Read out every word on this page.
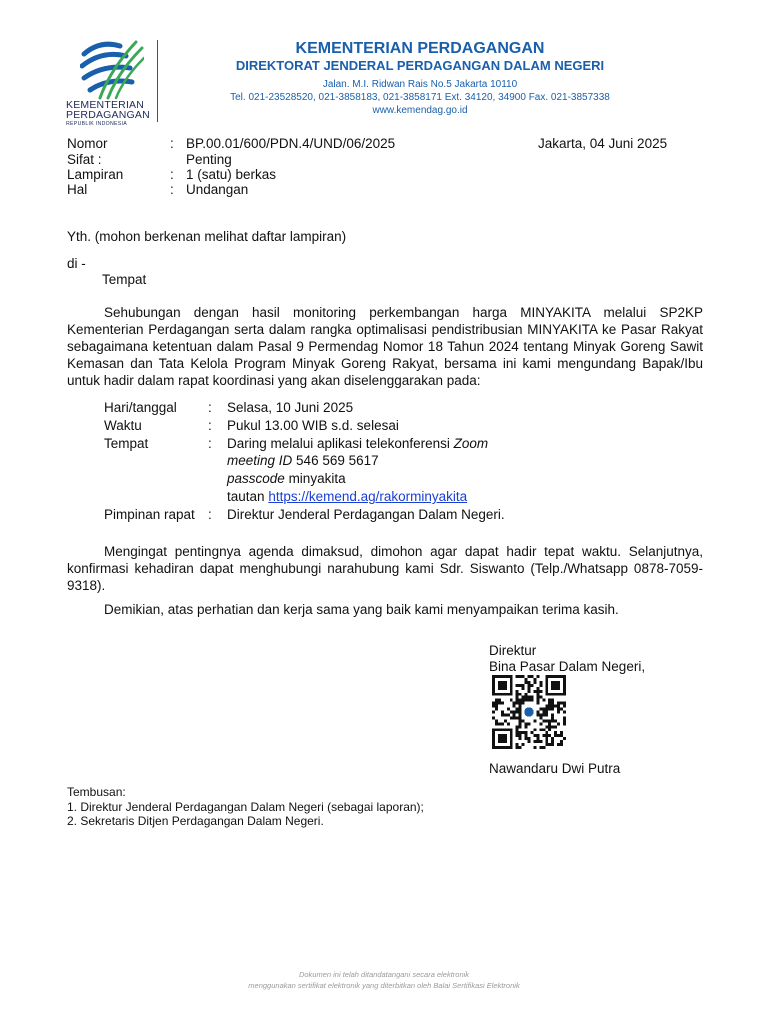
KEMENTERIAN
PERDAGANGAN
REPUBLIK INDONESIA
KEMENTERIAN PERDAGANGAN
DIREKTORAT JENDERAL PERDAGANGAN DALAM NEGERI
Jalan. M.I. Ridwan Rais No.5 Jakarta 10110
Tel. 021-23528520, 021-3858183, 021-3858171 Ext. 34120, 34900 Fax. 021-3857338
www.kemendag.go.id
Nomor	: BP.00.01/600/PDN.4/UND/06/2025	Jakarta, 04 Juni 2025
Sifat :	Penting
Lampiran	: 1 (satu) berkas
Hal	: Undangan
Yth. (mohon berkenan melihat daftar lampiran)
di -
Tempat
Sehubungan dengan hasil monitoring perkembangan harga MINYAKITA melalui SP2KP Kementerian Perdagangan serta dalam rangka optimalisasi pendistribusian MINYAKITA ke Pasar Rakyat sebagaimana ketentuan dalam Pasal 9 Permendag Nomor 18 Tahun 2024 tentang Minyak Goreng Sawit Kemasan dan Tata Kelola Program Minyak Goreng Rakyat, bersama ini kami mengundang Bapak/Ibu untuk hadir dalam rapat koordinasi yang akan diselenggarakan pada:
Hari/tanggal : Selasa, 10 Juni 2025
Waktu	: Pukul 13.00 WIB s.d. selesai
Tempat	: Daring melalui aplikasi telekonferensi Zoom
meeting ID 546 569 5617
passcode minyakita
tautan https://kemend.ag/rakorminyakita
Pimpinan rapat : Direktur Jenderal Perdagangan Dalam Negeri.
Mengingat pentingnya agenda dimaksud, dimohon agar dapat hadir tepat waktu. Selanjutnya, konfirmasi kehadiran dapat menghubungi narahubung kami Sdr. Siswanto (Telp./Whatsapp 0878-7059-9318).
Demikian, atas perhatian dan kerja sama yang baik kami menyampaikan terima kasih.
Direktur
Bina Pasar Dalam Negeri,
Nawandaru Dwi Putra
Tembusan:
1. Direktur Jenderal Perdagangan Dalam Negeri (sebagai laporan);
2. Sekretaris Ditjen Perdagangan Dalam Negeri.
Dokumen ini telah ditandatangani secara elektronik
menggunakan sertifikat elektronik yang diterbitkan oleh Balai Sertifikasi Elektronik
